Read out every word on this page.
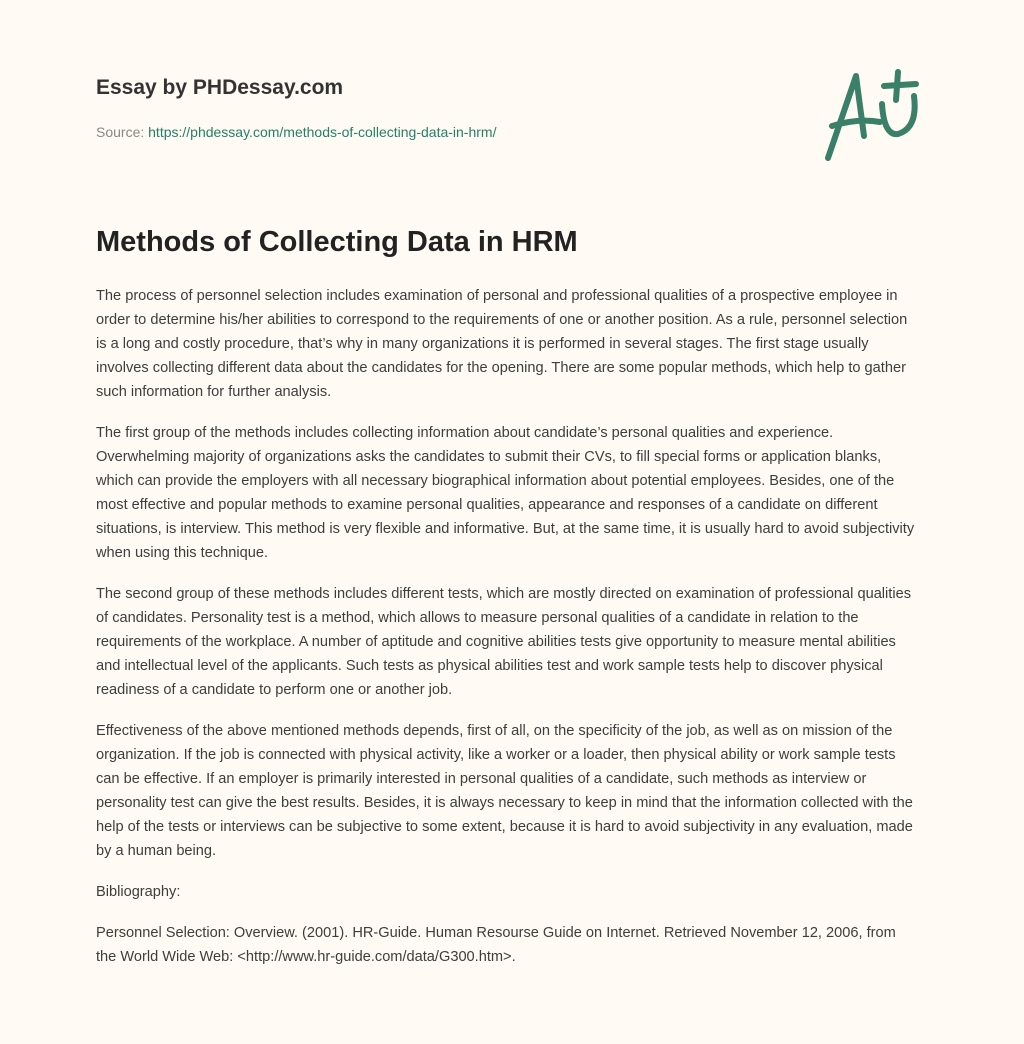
Essay by PHDessay.com
Source: https://phdessay.com/methods-of-collecting-data-in-hrm/
Methods of Collecting Data in HRM

The process of personnel selection includes examination of personal and professional qualities of a prospective employee in order to determine his/her abilities to correspond to the requirements of one or another position. As a rule, personnel selection is a long and costly procedure, that’s why in many organizations it is performed in several stages. The first stage usually involves collecting different data about the candidates for the opening. There are some popular methods, which help to gather such information for further analysis.

The first group of the methods includes collecting information about candidate’s personal qualities and experience. Overwhelming majority of organizations asks the candidates to submit their CVs, to fill special forms or application blanks, which can provide the employers with all necessary biographical information about potential employees. Besides, one of the most effective and popular methods to examine personal qualities, appearance and responses of a candidate on different situations, is interview. This method is very flexible and informative. But, at the same time, it is usually hard to avoid subjectivity when using this technique.

The second group of these methods includes different tests, which are mostly directed on examination of professional qualities of candidates. Personality test is a method, which allows to measure personal qualities of a candidate in relation to the requirements of the workplace. A number of aptitude and cognitive abilities tests give opportunity to measure mental abilities and intellectual level of the applicants. Such tests as physical abilities test and work sample tests help to discover physical readiness of a candidate to perform one or another job.

Effectiveness of the above mentioned methods depends, first of all, on the specificity of the job, as well as on mission of the organization. If the job is connected with physical activity, like a worker or a loader, then physical ability or work sample tests can be effective. If an employer is primarily interested in personal qualities of a candidate, such methods as interview or personality test can give the best results. Besides, it is always necessary to keep in mind that the information collected with the help of the tests or interviews can be subjective to some extent, because it is hard to avoid subjectivity in any evaluation, made by a human being.

Bibliography:

Personnel Selection: Overview. (2001). HR-Guide. Human Resourse Guide on Internet. Retrieved November 12, 2006, from the World Wide Web: <http://www.hr-guide.com/data/G300.htm>.
